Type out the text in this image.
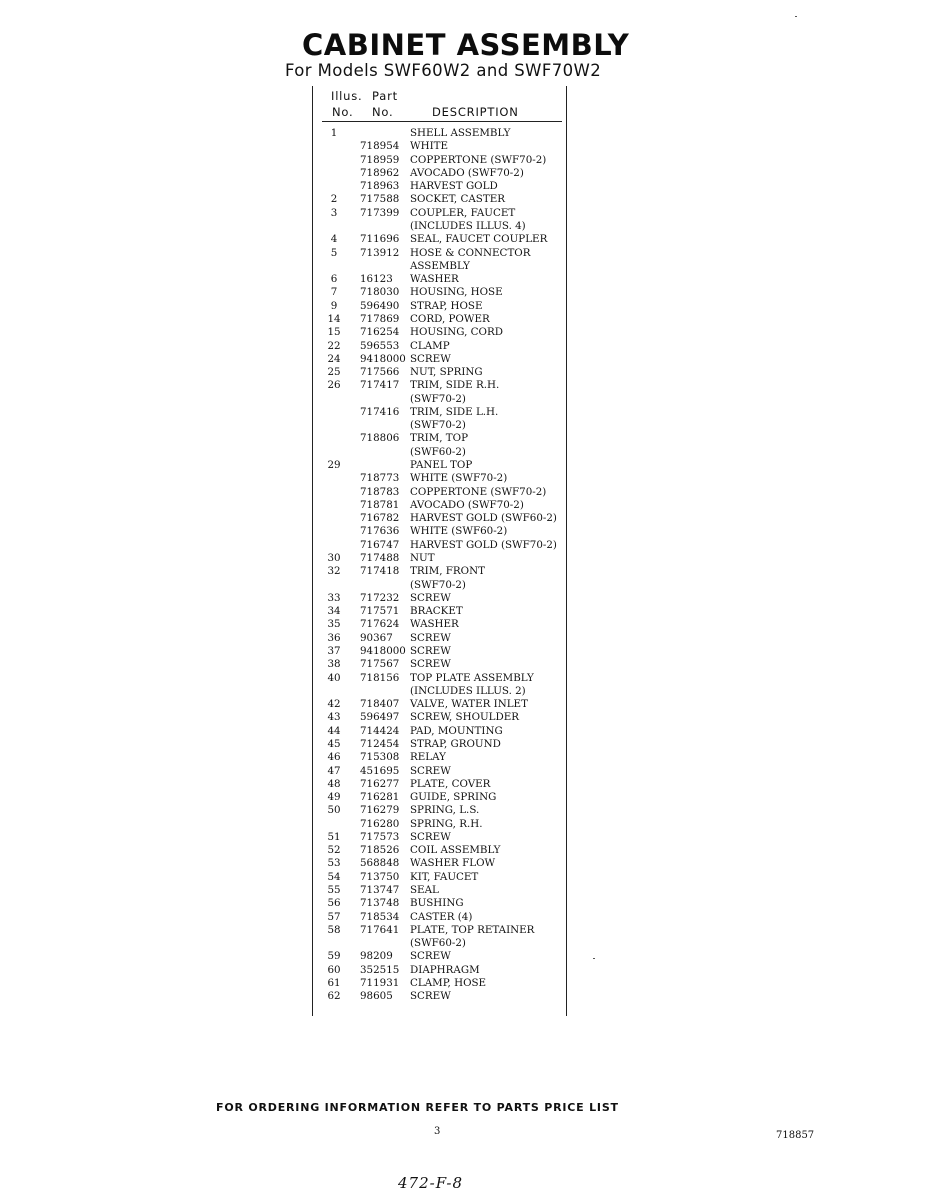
CABINET ASSEMBLY

For Models SWF60W2 and SWF70W2

Illus. Part
No. No.	DESCRIPTION
1	SHELL ASSEMBLY
718954 WHITE
718959 COPPERTONE (SWF70-2)
718962 AVOCADO (SWF70-2)
718963 HARVEST GOLD
2	717588 SOCKET, CASTER
3	717399 COUPLER, FAUCET
(INCLUDES ILLUS. 4)
4	711696 SEAL, FAUCET COUPLER
5	713912 HOSE & CONNECTOR
ASSEMBLY
6	16123 WASHER
7	718030 HOUSING, HOSE
9	596490 STRAP, HOSE
14	717869 CORD, POWER
15	716254 HOUSING, CORD
22	596553 CLAMP
24	9418000 SCREW
25	717566 NUT, SPRING
26	717417 TRIM, SIDE R.H.
(SWF70-2)
717416 TRIM, SIDE L.H.
(SWF70-2)
718806 TRIM, TOP
(SWF60-2)
29	PANEL TOP
718773 WHITE (SWF70-2)
718783 COPPERTONE (SWF70-2)
718781 AVOCADO (SWF70-2)
716782 HARVEST GOLD (SWF60-2)
717636 WHITE (SWF60-2)
716747 HARVEST GOLD (SWF70-2)
30	717488 NUT
32	717418 TRIM, FRONT
(SWF70-2)
33	717232 SCREW
34	717571 BRACKET
35	717624 WASHER
36	90367 SCREW
37	9418000 SCREW
38	717567 SCREW
40	718156 TOP PLATE ASSEMBLY
(INCLUDES ILLUS. 2)
42	718407 VALVE, WATER INLET
43	596497 SCREW, SHOULDER
44	714424 PAD, MOUNTING
45	712454 STRAP, GROUND
46	715308 RELAY
47	451695 SCREW
48	716277 PLATE, COVER
49	716281 GUIDE, SPRING
50	716279 SPRING, L.S.
716280 SPRING, R.H.
51	717573 SCREW
52	718526 COIL ASSEMBLY
53	568848 WASHER FLOW
54	713750 KIT, FAUCET
55	713747 SEAL
56	713748 BUSHING
57	718534 CASTER (4)
58	717641 PLATE, TOP RETAINER
(SWF60-2)
59	98209 SCREW
60	352515 DIAPHRAGM
61	711931 CLAMP, HOSE
62	98605 SCREW

FOR ORDERING INFORMATION REFER TO PARTS PRICE LIST

3	718857
472-F-8
